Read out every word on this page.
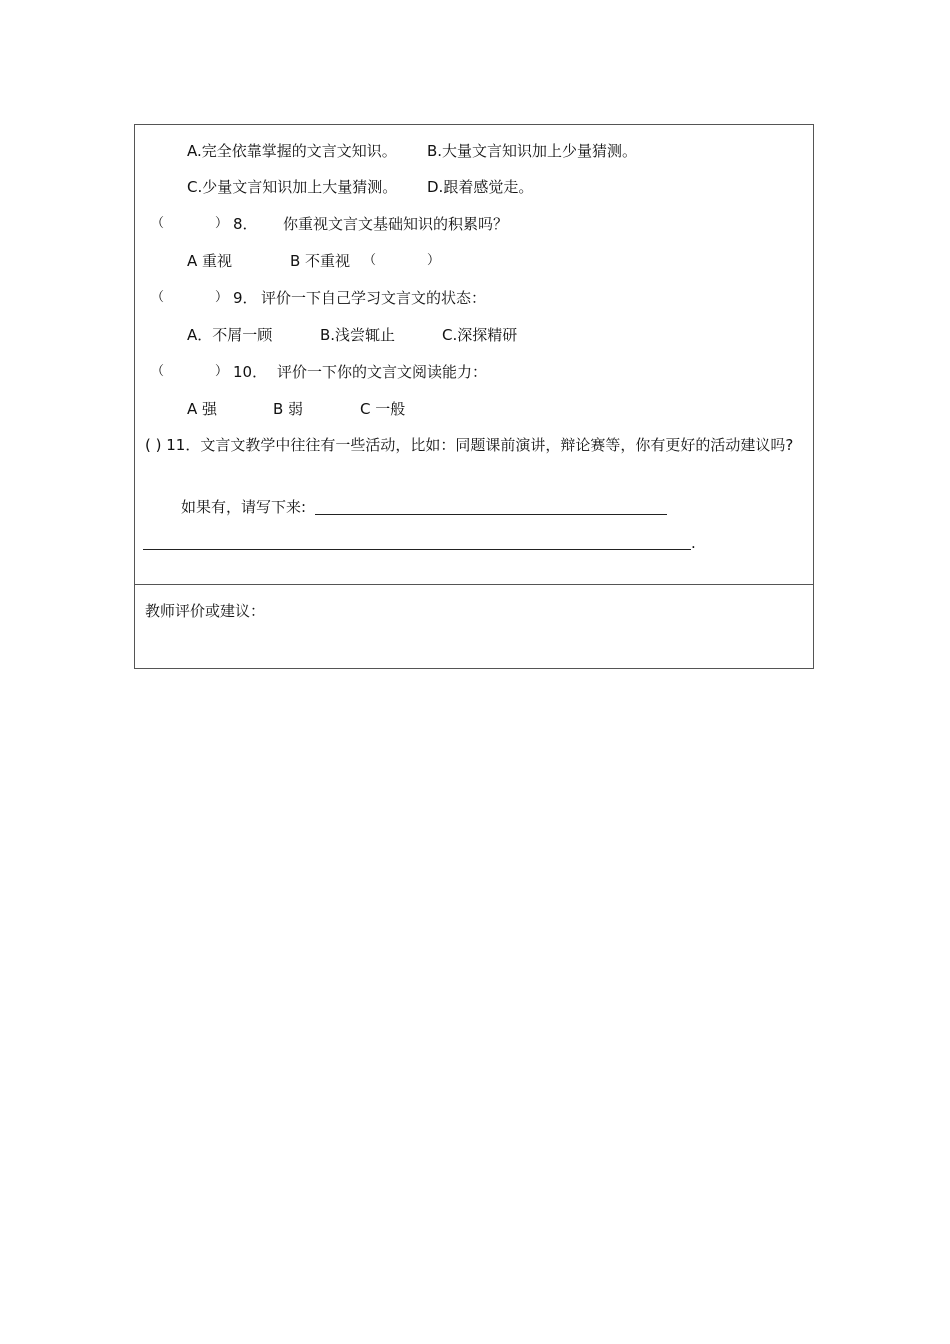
A.完全依靠掌握的文言文知识。 B.大量文言知识加上少量猜测。
C.少量文言知识加上大量猜测。 D.跟着感觉走。
（	） 8． 你重视文言文基础知识的积累吗？
A 重视	B 不重视 （	）
（	） 9． 评价一下自己学习文言文的状态：
A．不屑一顾	B.浅尝辄止	C.深探精研
（	） 10． 评价一下你的文言文阅读能力：
A 强	B 弱	C 一般
( ) 11．文言文教学中往往有一些活动，比如：同题课前演讲，辩论赛等，你有更好的活动建议吗?
如果有，请写下来:
.
教师评价或建议：
